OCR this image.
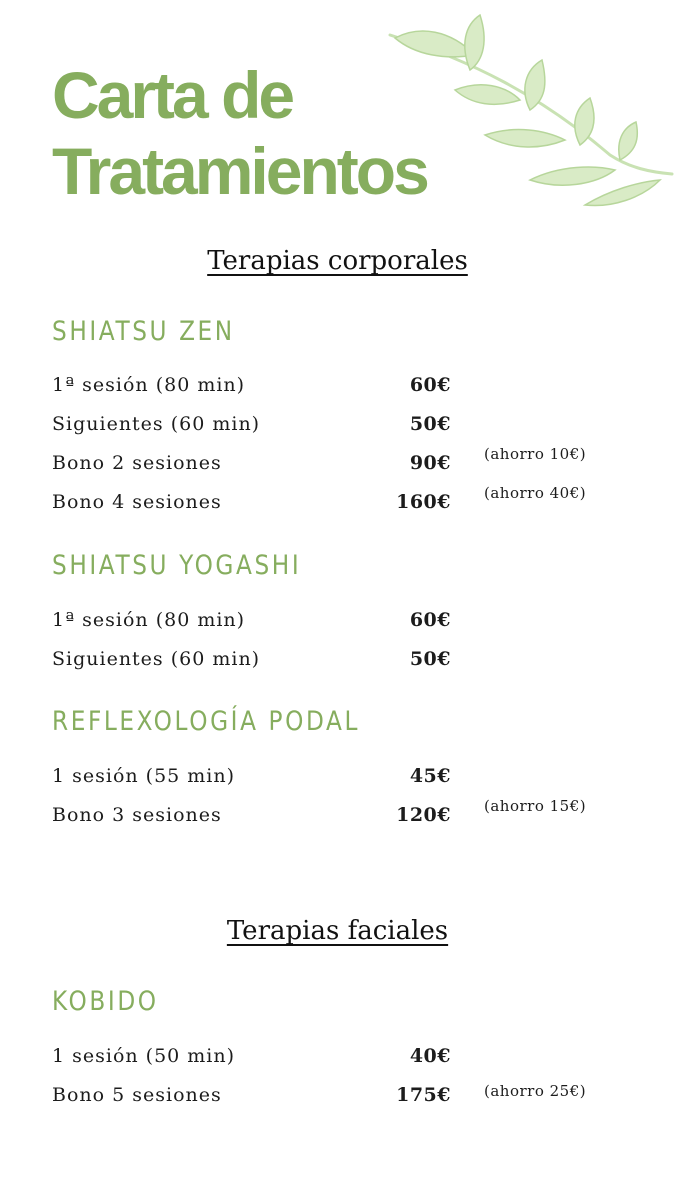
Carta de
Tratamientos
Terapias corporales
SHIATSU ZEN
1ª sesión (80 min)	60€
Siguientes (60 min)	50€
Bono 2 sesiones	90€ (ahorro 10€)
Bono 4 sesiones	160€ (ahorro 40€)
SHIATSU YOGASHI
1ª sesión (80 min)	60€
Siguientes (60 min)	50€
REFLEXOLOGÍA PODAL
1 sesión (55 min)	45€
Bono 3 sesiones	120€ (ahorro 15€)
Terapias faciales
KOBIDO
1 sesión (50 min)	40€
Bono 5 sesiones	175€ (ahorro 25€)
